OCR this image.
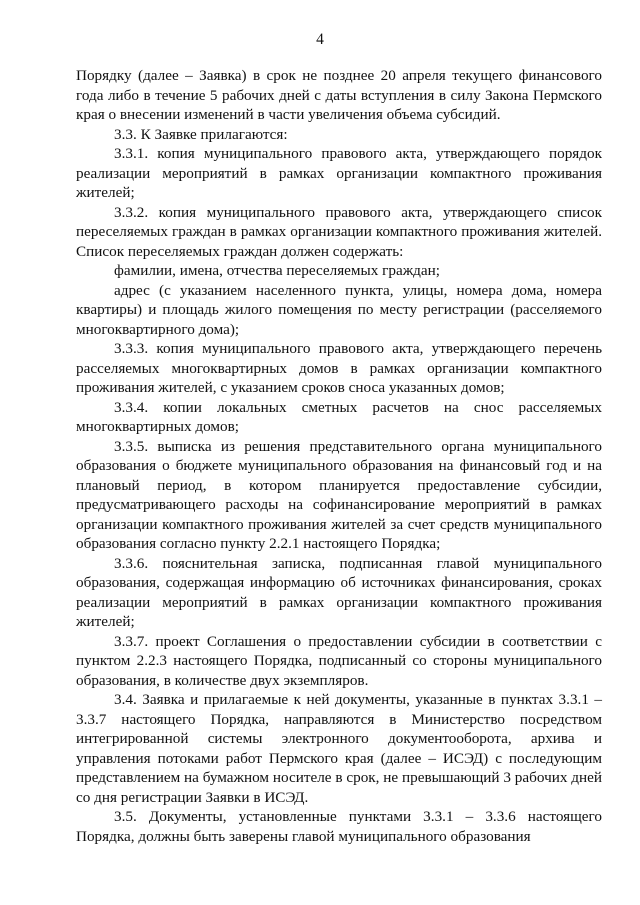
4

Порядку (далее – Заявка) в срок не позднее 20 апреля текущего финансового года либо в течение 5 рабочих дней с даты вступления в силу Закона Пермского края о внесении изменений в части увеличения объема субсидий.

3.3. К Заявке прилагаются:

3.3.1. копия муниципального правового акта, утверждающего порядок реализации мероприятий в рамках организации компактного проживания жителей;

3.3.2. копия муниципального правового акта, утверждающего список переселяемых граждан в рамках организации компактного проживания жителей. Список переселяемых граждан должен содержать:

фамилии, имена, отчества переселяемых граждан;

адрес (с указанием населенного пункта, улицы, номера дома, номера квартиры) и площадь жилого помещения по месту регистрации (расселяемого многоквартирного дома);

3.3.3. копия муниципального правового акта, утверждающего перечень расселяемых многоквартирных домов в рамках организации компактного проживания жителей, с указанием сроков сноса указанных домов;

3.3.4. копии локальных сметных расчетов на снос расселяемых многоквартирных домов;

3.3.5. выписка из решения представительного органа муниципального образования о бюджете муниципального образования на финансовый год и на плановый период, в котором планируется предоставление субсидии, предусматривающего расходы на софинансирование мероприятий в рамках организации компактного проживания жителей за счет средств муниципального образования согласно пункту 2.2.1 настоящего Порядка;

3.3.6. пояснительная записка, подписанная главой муниципального образования, содержащая информацию об источниках финансирования, сроках реализации мероприятий в рамках организации компактного проживания жителей;

3.3.7. проект Соглашения о предоставлении субсидии в соответствии с пунктом 2.2.3 настоящего Порядка, подписанный со стороны муниципального образования, в количестве двух экземпляров.

3.4. Заявка и прилагаемые к ней документы, указанные в пунктах 3.3.1 – 3.3.7 настоящего Порядка, направляются в Министерство посредством интегрированной системы электронного документооборота, архива и управления потоками работ Пермского края (далее – ИСЭД) с последующим представлением на бумажном носителе в срок, не превышающий 3 рабочих дней со дня регистрации Заявки в ИСЭД.

3.5. Документы, установленные пунктами 3.3.1 – 3.3.6 настоящего Порядка, должны быть заверены главой муниципального образования
